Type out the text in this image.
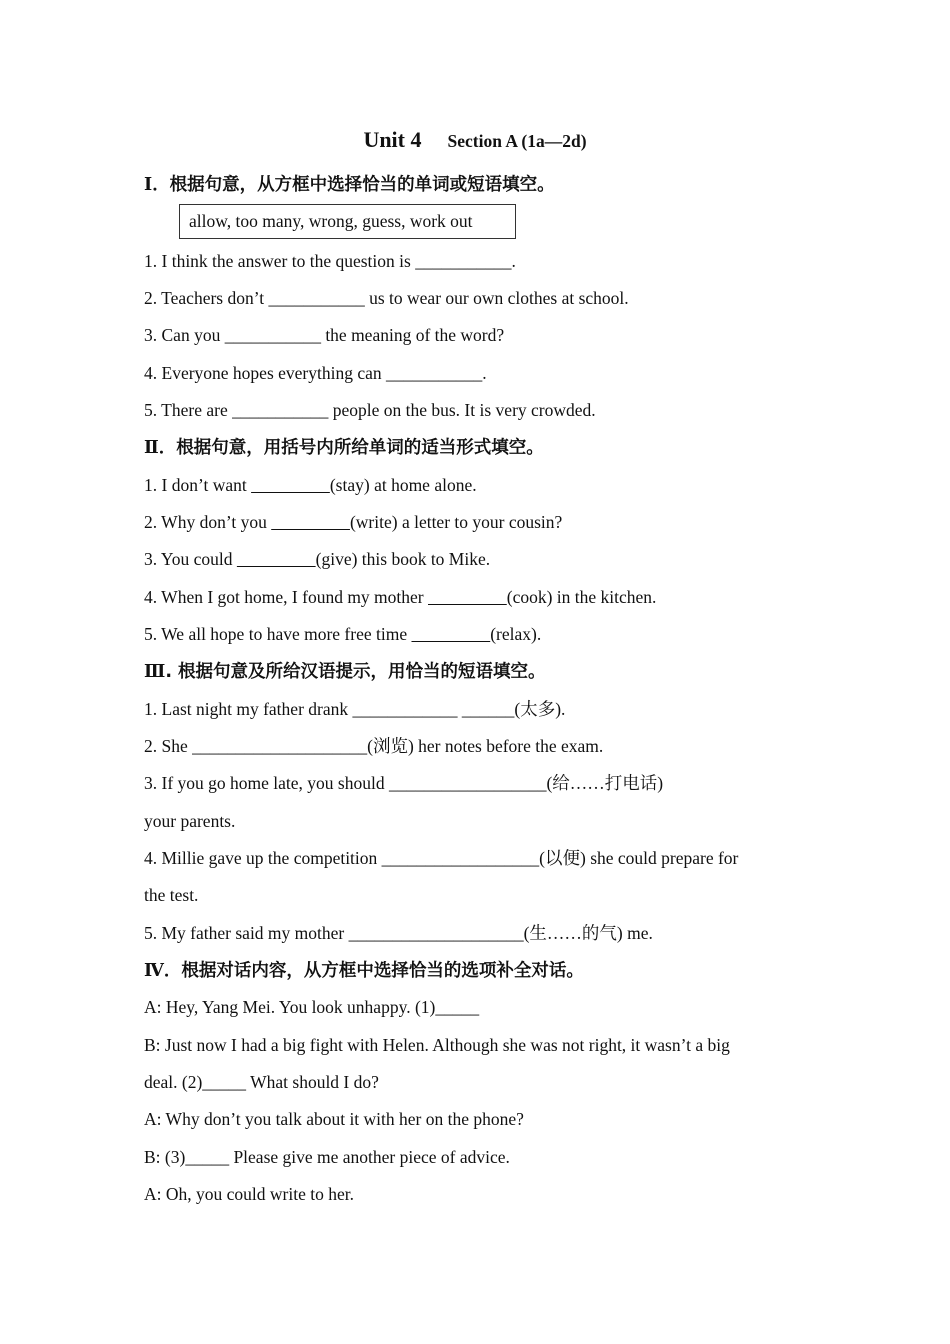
Unit 4 Section A (1a—2d)
Ⅰ．根据句意，从方框中选择恰当的单词或短语填空。
allow, too many, wrong, guess, work out
1. I think the answer to the question is ___________.
2. Teachers don’t ___________ us to wear our own clothes at school.
3. Can you ___________ the meaning of the word?
4. Everyone hopes everything can ___________.
5. There are ___________ people on the bus. It is very crowded.
Ⅱ．根据句意，用括号内所给单词的适当形式填空。
1. I don’t want	(stay) at home alone.
2. Why don’t you	(write) a letter to your cousin?
3. You could	(give) this book to Mike.
4. When I got home, I found my mother	(cook) in the kitchen.
5. We all hope to have more free time	(relax).
Ⅲ. 根据句意及所给汉语提示，用恰当的短语填空。
1. Last night my father drank ____________ ______(太多).
2. She ____________________(浏览) her notes before the exam.
3. If you go home late, you should __________________(给……打电话)
your parents.
4. Millie gave up the competition __________________(以便) she could prepare for
the test.
5. My father said my mother ____________________(生……的气) me.
Ⅳ．根据对话内容，从方框中选择恰当的选项补全对话。
A: Hey, Yang Mei. You look unhappy. (1)_____
B: Just now I had a big fight with Helen. Although she was not right, it wasn’t a big
deal. (2)_____ What should I do?
A: Why don’t you talk about it with her on the phone?
B: (3)_____ Please give me another piece of advice.
A: Oh, you could write to her.
